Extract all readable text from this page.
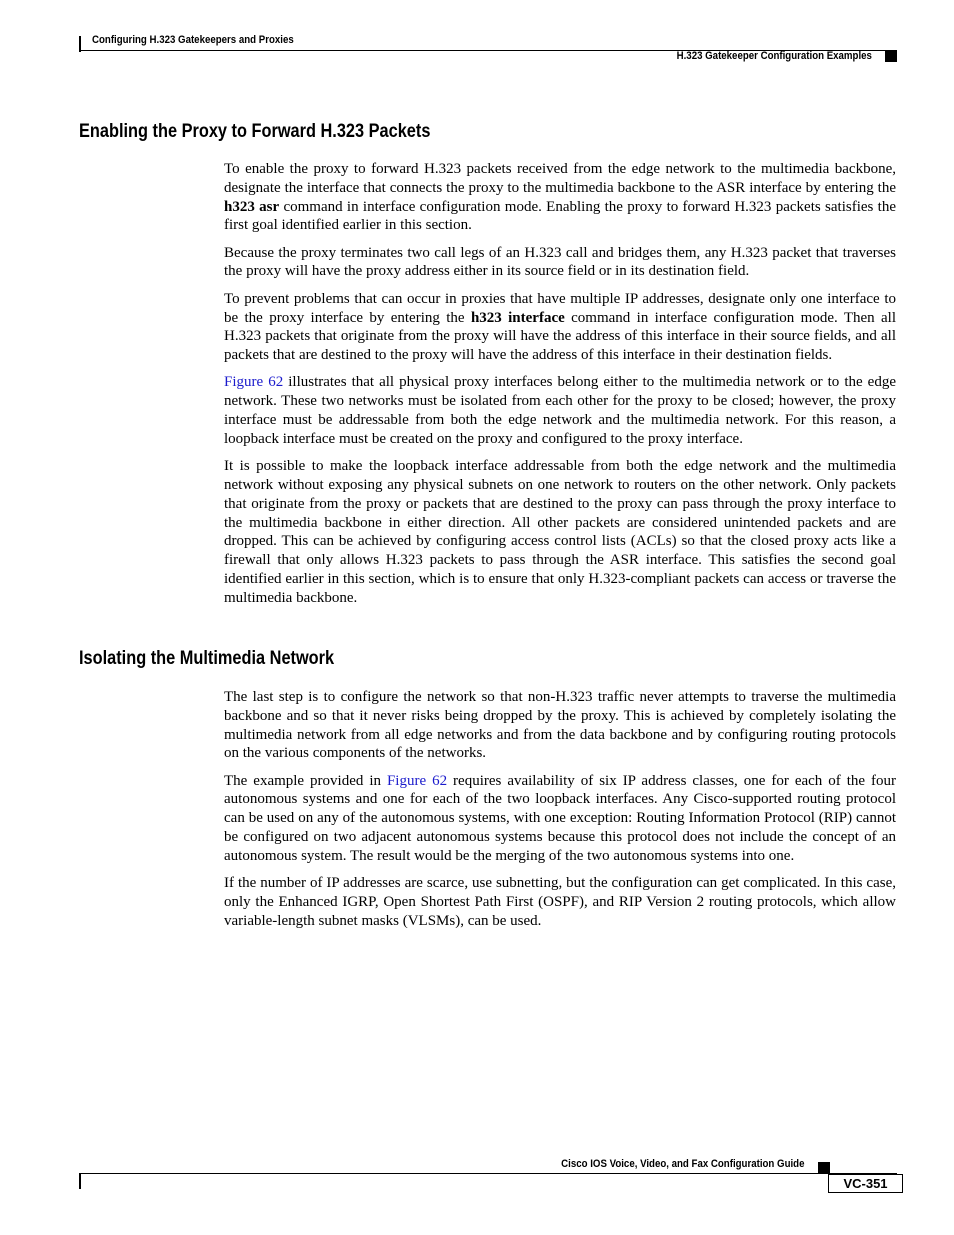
Configuring H.323 Gatekeepers and Proxies
H.323 Gatekeeper Configuration Examples
Enabling the Proxy to Forward H.323 Packets

To enable the proxy to forward H.323 packets received from the edge network to the multimedia backbone, designate the interface that connects the proxy to the multimedia backbone to the ASR interface by entering the h323 asr command in interface configuration mode. Enabling the proxy to forward H.323 packets satisfies the first goal identified earlier in this section.

Because the proxy terminates two call legs of an H.323 call and bridges them, any H.323 packet that traverses the proxy will have the proxy address either in its source field or in its destination field.

To prevent problems that can occur in proxies that have multiple IP addresses, designate only one interface to be the proxy interface by entering the h323 interface command in interface configuration mode. Then all H.323 packets that originate from the proxy will have the address of this interface in their source fields, and all packets that are destined to the proxy will have the address of this interface in their destination fields.

Figure 62 illustrates that all physical proxy interfaces belong either to the multimedia network or to the edge network. These two networks must be isolated from each other for the proxy to be closed; however, the proxy interface must be addressable from both the edge network and the multimedia network. For this reason, a loopback interface must be created on the proxy and configured to the proxy interface.

It is possible to make the loopback interface addressable from both the edge network and the multimedia network without exposing any physical subnets on one network to routers on the other network. Only packets that originate from the proxy or packets that are destined to the proxy can pass through the proxy interface to the multimedia backbone in either direction. All other packets are considered unintended packets and are dropped. This can be achieved by configuring access control lists (ACLs) so that the closed proxy acts like a firewall that only allows H.323 packets to pass through the ASR interface. This satisfies the second goal identified earlier in this section, which is to ensure that only H.323-compliant packets can access or traverse the multimedia backbone.

Isolating the Multimedia Network

The last step is to configure the network so that non-H.323 traffic never attempts to traverse the multimedia backbone and so that it never risks being dropped by the proxy. This is achieved by completely isolating the multimedia network from all edge networks and from the data backbone and by configuring routing protocols on the various components of the networks.

The example provided in Figure 62 requires availability of six IP address classes, one for each of the four autonomous systems and one for each of the two loopback interfaces. Any Cisco-supported routing protocol can be used on any of the autonomous systems, with one exception: Routing Information Protocol (RIP) cannot be configured on two adjacent autonomous systems because this protocol does not include the concept of an autonomous system. The result would be the merging of the two autonomous systems into one.

If the number of IP addresses are scarce, use subnetting, but the configuration can get complicated. In this case, only the Enhanced IGRP, Open Shortest Path First (OSPF), and RIP Version 2 routing protocols, which allow variable-length subnet masks (VLSMs), can be used.

Cisco IOS Voice, Video, and Fax Configuration Guide
VC-351
